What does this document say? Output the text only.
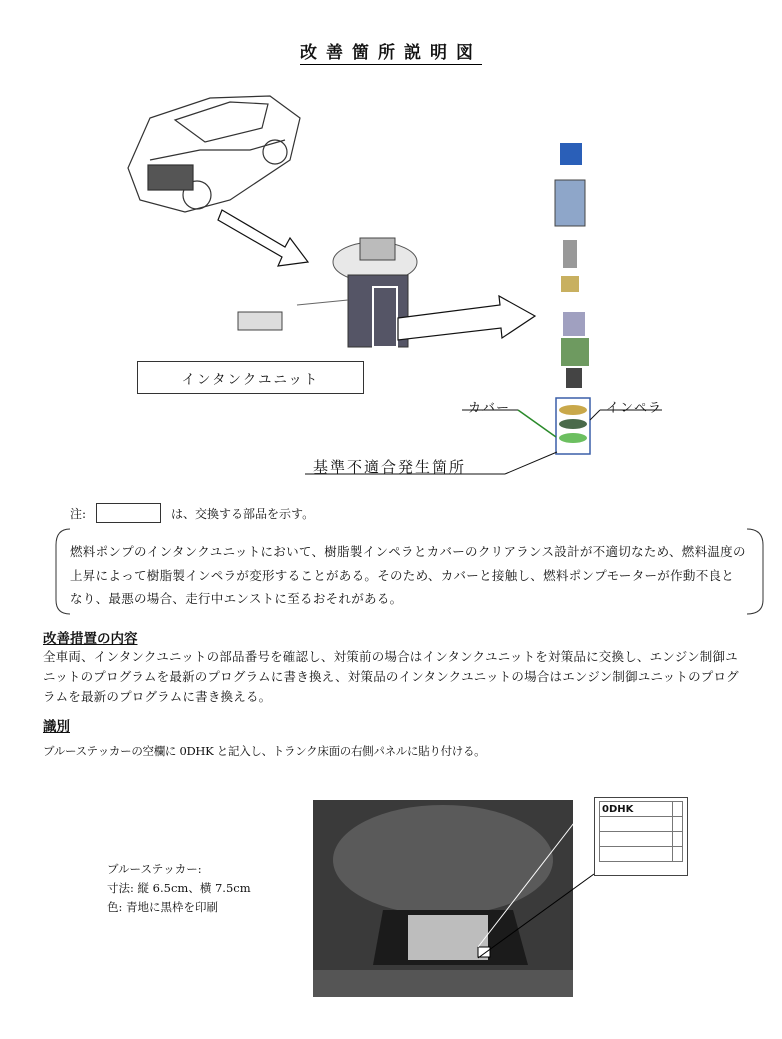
改善箇所説明図
インタンクユニット
カバー	インペラ
基準不適合発生箇所
注:	は、交換する部品を示す。
燃料ポンプのインタンクユニットにおいて、樹脂製インペラとカバーのクリアランス設計が不適切なため、燃料温度の上昇によって樹脂製インペラが変形することがある。そのため、カバーと接触し、燃料ポンプモーターが作動不良となり、最悪の場合、走行中エンストに至るおそれがある。
改善措置の内容
全車両、インタンクユニットの部品番号を確認し、対策前の場合はインタンクユニットを対策品に交換し、エンジン制御ユニットのプログラムを最新のプログラムに書き換え、対策品のインタンクユニットの場合はエンジン制御ユニットのプログラムを最新のプログラムに書き換える。
識別
ブルーステッカーの空欄に 0DHK と記入し、トランク床面の右側パネルに貼り付ける。
ブルーステッカー:
寸法: 縦 6.5cm、横 7.5cm
色: 青地に黒枠を印刷
0DHK	
